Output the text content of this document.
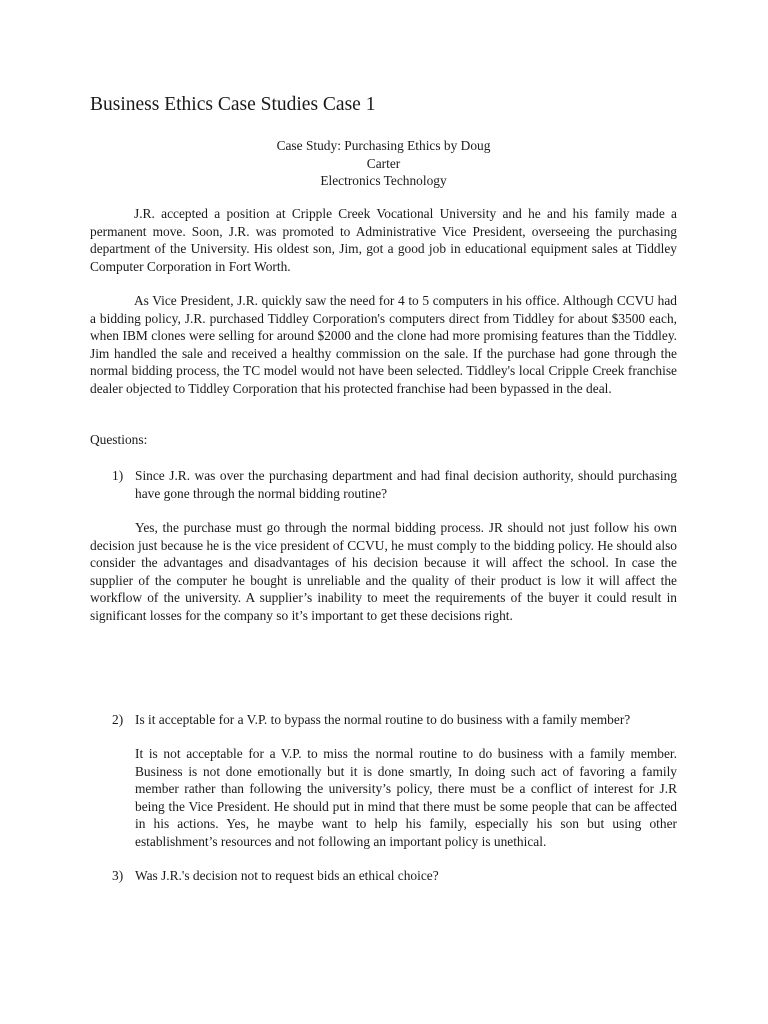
Business Ethics Case Studies Case 1
Case Study: Purchasing Ethics by Doug
Carter
Electronics Technology

J.R. accepted a position at Cripple Creek Vocational University and he and his family made a permanent move. Soon, J.R. was promoted to Administrative Vice President, overseeing the purchasing department of the University. His oldest son, Jim, got a good job in educational equipment sales at Tiddley Computer Corporation in Fort Worth.

As Vice President, J.R. quickly saw the need for 4 to 5 computers in his office. Although CCVU had a bidding policy, J.R. purchased Tiddley Corporation's computers direct from Tiddley for about $3500 each, when IBM clones were selling for around $2000 and the clone had more promising features than the Tiddley. Jim handled the sale and received a healthy commission on the sale. If the purchase had gone through the normal bidding process, the TC model would not have been selected. Tiddley's local Cripple Creek franchise dealer objected to Tiddley Corporation that his protected franchise had been bypassed in the deal.

Questions:

1) Since J.R. was over the purchasing department and had final decision authority, should purchasing have gone through the normal bidding routine?

Yes, the purchase must go through the normal bidding process. JR should not just follow his own decision just because he is the vice president of CCVU, he must comply to the bidding policy. He should also consider the advantages and disadvantages of his decision because it will affect the school. In case the supplier of the computer he bought is unreliable and the quality of their product is low it will affect the workflow of the university. A supplier’s inability to meet the requirements of the buyer it could result in significant losses for the company so it’s important to get these decisions right.

2) Is it acceptable for a V.P. to bypass the normal routine to do business with a family member?

It is not acceptable for a V.P. to miss the normal routine to do business with a family member. Business is not done emotionally but it is done smartly, In doing such act of favoring a family member rather than following the university’s policy, there must be a conflict of interest for J.R being the Vice President. He should put in mind that there must be some people that can be affected in his actions. Yes, he maybe want to help his family, especially his son but using other establishment’s resources and not following an important policy is unethical.

3) Was J.R.'s decision not to request bids an ethical choice?
